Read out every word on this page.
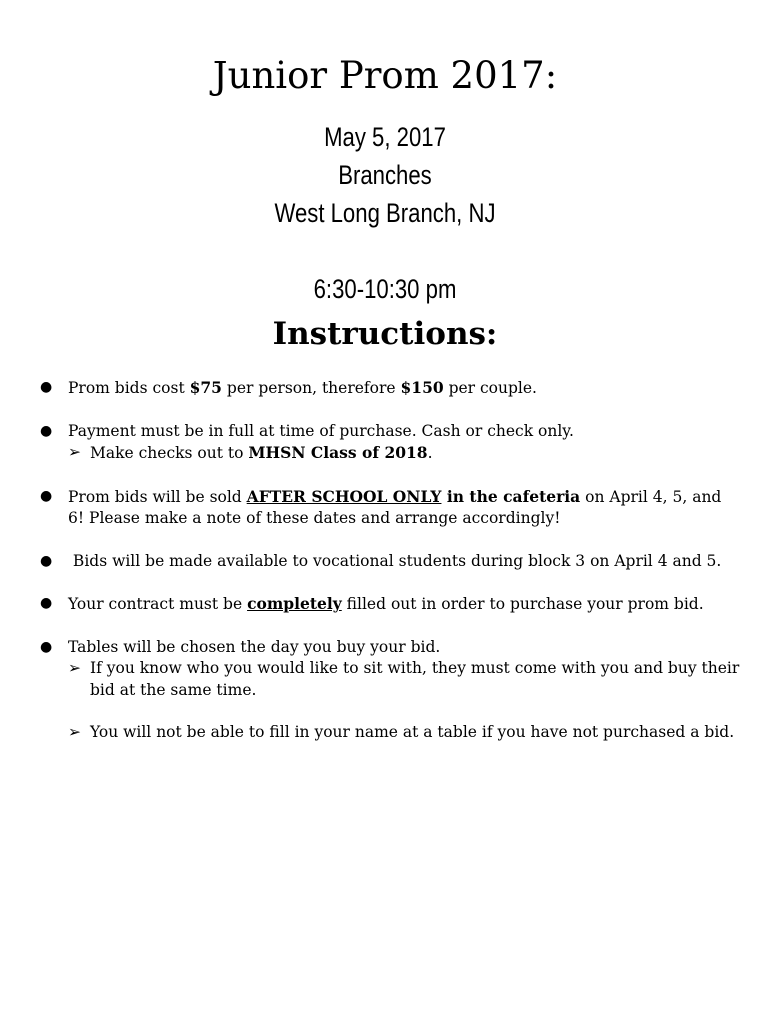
Junior Prom 2017:
May 5, 2017
Branches
West Long Branch, NJ
6:30-10:30 pm
Instructions:
● Prom bids cost $75 per person, therefore $150 per couple.
● Payment must be in full at time of purchase. Cash or check only.
➢ Make checks out to MHSN Class of 2018.
● Prom bids will be sold AFTER SCHOOL ONLY in the cafeteria on April 4, 5, and 6! Please make a note of these dates and arrange accordingly!
● Bids will be made available to vocational students during block 3 on April 4 and 5.
● Your contract must be completely filled out in order to purchase your prom bid.
● Tables will be chosen the day you buy your bid.
➢ If you know who you would like to sit with, they must come with you and buy their bid at the same time.
➢ You will not be able to fill in your name at a table if you have not purchased a bid.
